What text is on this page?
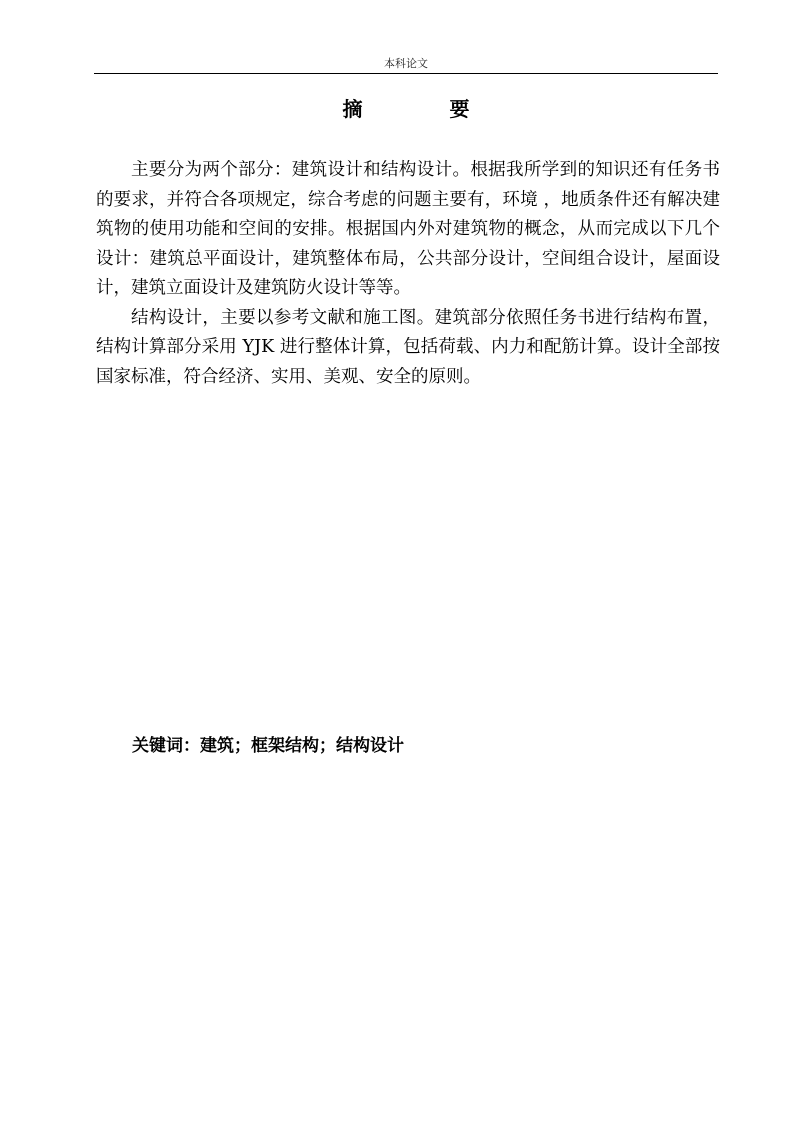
本科论文
摘 要

主要分为两个部分：建筑设计和结构设计。根据我所学到的知识还有任务书的要求，并符合各项规定，综合考虑的问题主要有，环境 ，地质条件还有解决建筑物的使用功能和空间的安排。根据国内外对建筑物的概念，从而完成以下几个设计：建筑总平面设计，建筑整体布局，公共部分设计，空间组合设计，屋面设计，建筑立面设计及建筑防火设计等等。

结构设计，主要以参考文献和施工图。建筑部分依照任务书进行结构布置，结构计算部分采用 YJK 进行整体计算，包括荷载、内力和配筋计算。设计全部按国家标准，符合经济、实用、美观、安全的原则。

关键词：建筑；框架结构；结构设计
